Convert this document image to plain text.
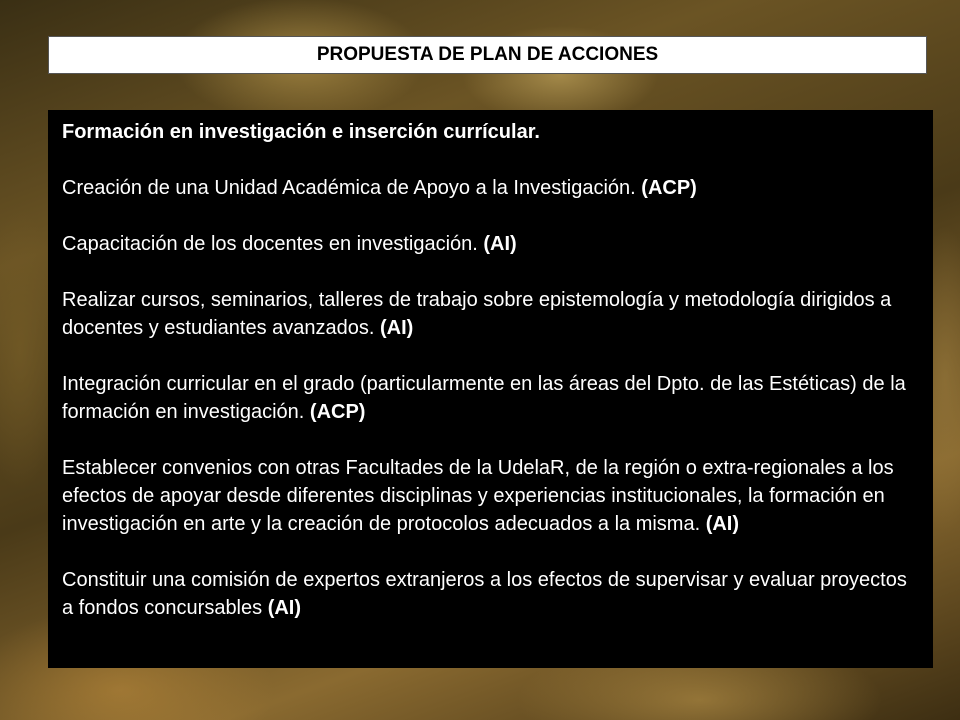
PROPUESTA DE PLAN DE ACCIONES

Formación en investigación e inserción currícular.

Creación de una Unidad Académica de Apoyo a la Investigación. (ACP)

Capacitación de los docentes en investigación. (AI)

Realizar cursos, seminarios, talleres de trabajo sobre epistemología y metodología dirigidos a docentes y estudiantes avanzados. (AI)

Integración curricular en el grado (particularmente en las áreas del Dpto. de las Estéticas) de la formación en investigación. (ACP)

Establecer convenios con otras Facultades de la UdelaR, de la región o extra-regionales a los efectos de apoyar desde diferentes disciplinas y experiencias institucionales, la formación en investigación en arte y la creación de protocolos adecuados a la misma. (AI)

Constituir una comisión de expertos extranjeros a los efectos de supervisar y evaluar proyectos a fondos concursables (AI)
